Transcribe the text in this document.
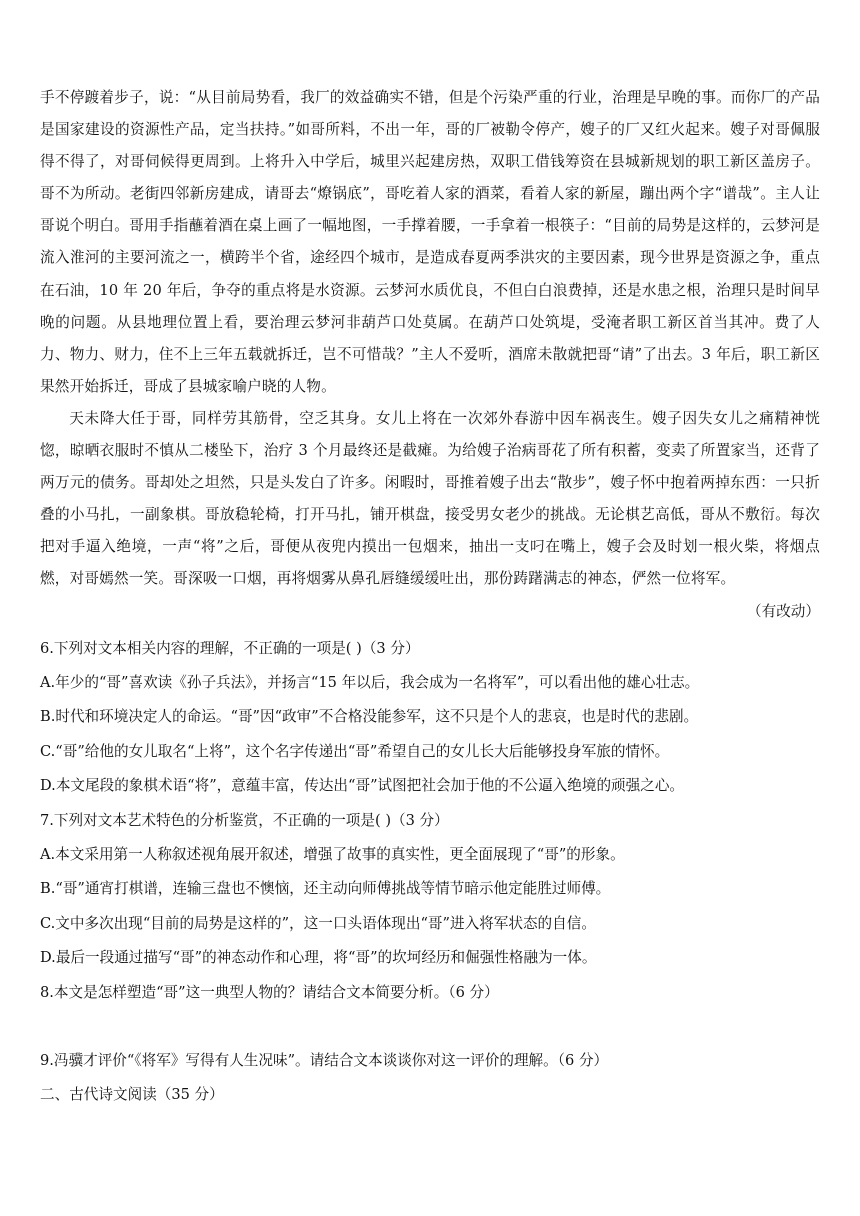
手不停踱着步子，说：“从目前局势看，我厂的效益确实不错，但是个污染严重的行业，治理是早晚的事。而你厂的产品是国家建设的资源性产品，定当扶持。”如哥所料，不出一年，哥的厂被勒令停产，嫂子的厂又红火起来。嫂子对哥佩服得不得了，对哥伺候得更周到。上将升入中学后，城里兴起建房热，双职工借钱筹资在县城新规划的职工新区盖房子。哥不为所动。老街四邻新房建成，请哥去“燎锅底”，哥吃着人家的酒菜，看着人家的新屋，蹦出两个字“谱哉”。主人让哥说个明白。哥用手指蘸着酒在桌上画了一幅地图，一手撑着腰，一手拿着一根筷子：“目前的局势是这样的，云梦河是流入淮河的主要河流之一，横跨半个省，途经四个城市，是造成春夏两季洪灾的主要因素，现今世界是资源之争，重点在石油，10 年 20 年后，争夺的重点将是水资源。云梦河水质优良，不但白白浪费掉，还是水患之根，治理只是时间早晚的问题。从县地理位置上看，要治理云梦河非葫芦口处莫属。在葫芦口处筑堤，受淹者职工新区首当其冲。费了人力、物力、财力，住不上三年五载就拆迁，岂不可惜哉？”主人不爱听，酒席未散就把哥“请”了出去。3 年后，职工新区果然开始拆迁，哥成了县城家喻户晓的人物。

天未降大任于哥，同样劳其筋骨，空乏其身。女儿上将在一次郊外春游中因车祸丧生。嫂子因失女儿之痛精神恍惚，晾晒衣服时不慎从二楼坠下，治疗 3 个月最终还是截瘫。为给嫂子治病哥花了所有积蓄，变卖了所置家当，还背了两万元的债务。哥却处之坦然，只是头发白了许多。闲暇时，哥推着嫂子出去“散步”，嫂子怀中抱着两掉东西：一只折叠的小马扎，一副象棋。哥放稳轮椅，打开马扎，铺开棋盘，接受男女老少的挑战。无论棋艺高低，哥从不敷衍。每次把对手逼入绝境，一声“将”之后，哥便从夜兜内摸出一包烟来，抽出一支叼在嘴上，嫂子会及时划一根火柴，将烟点燃，对哥嫣然一笑。哥深吸一口烟，再将烟雾从鼻孔唇缝缓缓吐出，那份踌躇满志的神态，俨然一位将军。

（有改动）

6.下列对文本相关内容的理解，不正确的一项是( )（3 分）

A.年少的“哥”喜欢读《孙子兵法》，并扬言“15 年以后，我会成为一名将军”，可以看出他的雄心壮志。

B.时代和环境决定人的命运。“哥”因“政审”不合格没能参军，这不只是个人的悲哀，也是时代的悲剧。

C.“哥”给他的女儿取名“上将”，这个名字传递出“哥”希望自己的女儿长大后能够投身军旅的情怀。

D.本文尾段的象棋术语“将”，意蕴丰富，传达出“哥”试图把社会加于他的不公逼入绝境的顽强之心。

7.下列对文本艺术特色的分析鉴赏，不正确的一项是( )（3 分）

A.本文采用第一人称叙述视角展开叙述，增强了故事的真实性，更全面展现了“哥”的形象。

B.“哥”通宵打棋谱，连输三盘也不懊恼，还主动向师傅挑战等情节暗示他定能胜过师傅。

C.文中多次出现“目前的局势是这样的”，这一口头语体现出“哥”进入将军状态的自信。

D.最后一段通过描写“哥”的神态动作和心理，将“哥”的坎坷经历和倔强性格融为一体。

8.本文是怎样塑造“哥”这一典型人物的？请结合文本简要分析。（6 分）

9.冯骥才评价“《将军》写得有人生况味”。请结合文本谈谈你对这一评价的理解。（6 分）

二、古代诗文阅读（35 分）
